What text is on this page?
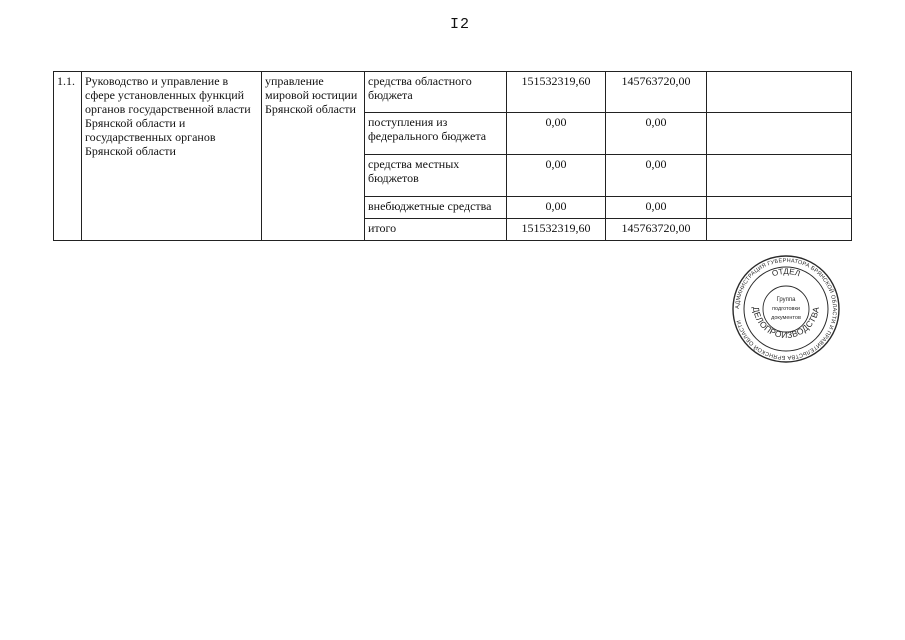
I2
1.1.	Руководство и управление в сфере установленных функций органов государственной власти Брянской области и государственных органов Брянской области	управление мировой юстиции Брянской области	средства областного бюджета	151532319,60	145763720,00	
			поступления из федерального бюджета	0,00	0,00	
			средства местных бюджетов	0,00	0,00	
			внебюджетные средства	0,00	0,00	
			итого	151532319,60	145763720,00	
АДМИНИСТРАЦИЯ ГУБЕРНАТОРА БРЯНСКОЙ ОБЛАСТИ И ПРАВИТЕЛЬСТВА БРЯНСКОЙ ОБЛАСТИ
ОТДЕЛ
ДЕЛОПРОИЗВОДСТВА
Группа
подготовки
документов
